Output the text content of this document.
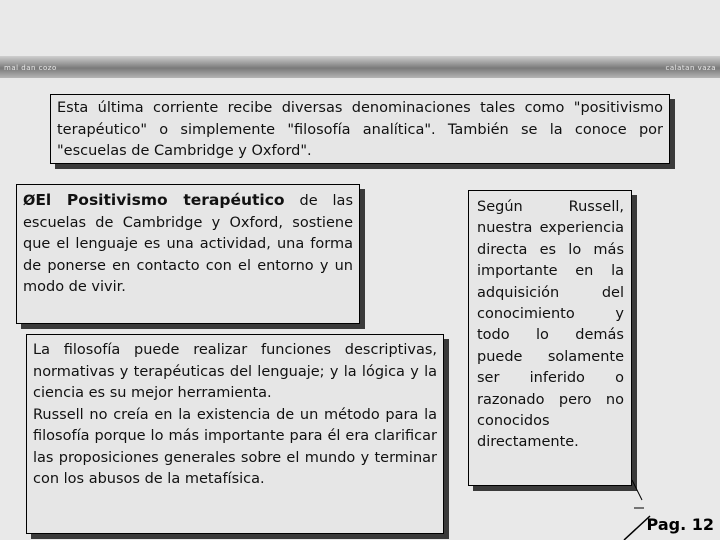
mal dan cozo	calatan vaza

Esta última corriente recibe diversas denominaciones tales como "positivismo terapéutico" o simplemente "filosofía analítica". También se la conoce por "escuelas de Cambridge y Oxford".

ØEl Positivismo terapéutico de las escuelas de Cambridge y Oxford, sostiene que el lenguaje es una actividad, una forma de ponerse en contacto con el entorno y un modo de vivir.

La filosofía puede realizar funciones descriptivas, normativas y terapéuticas del lenguaje; y la lógica y la ciencia es su mejor herramienta.

Russell no creía en la existencia de un método para la filosofía porque lo más importante para él era clarificar las proposiciones generales sobre el mundo y terminar con los abusos de la metafísica.

Según Russell, nuestra experiencia directa es lo más importante en la adquisición del conocimiento y todo lo demás puede solamente ser inferido o razonado pero no conocidos directamente.

Pag. 12
